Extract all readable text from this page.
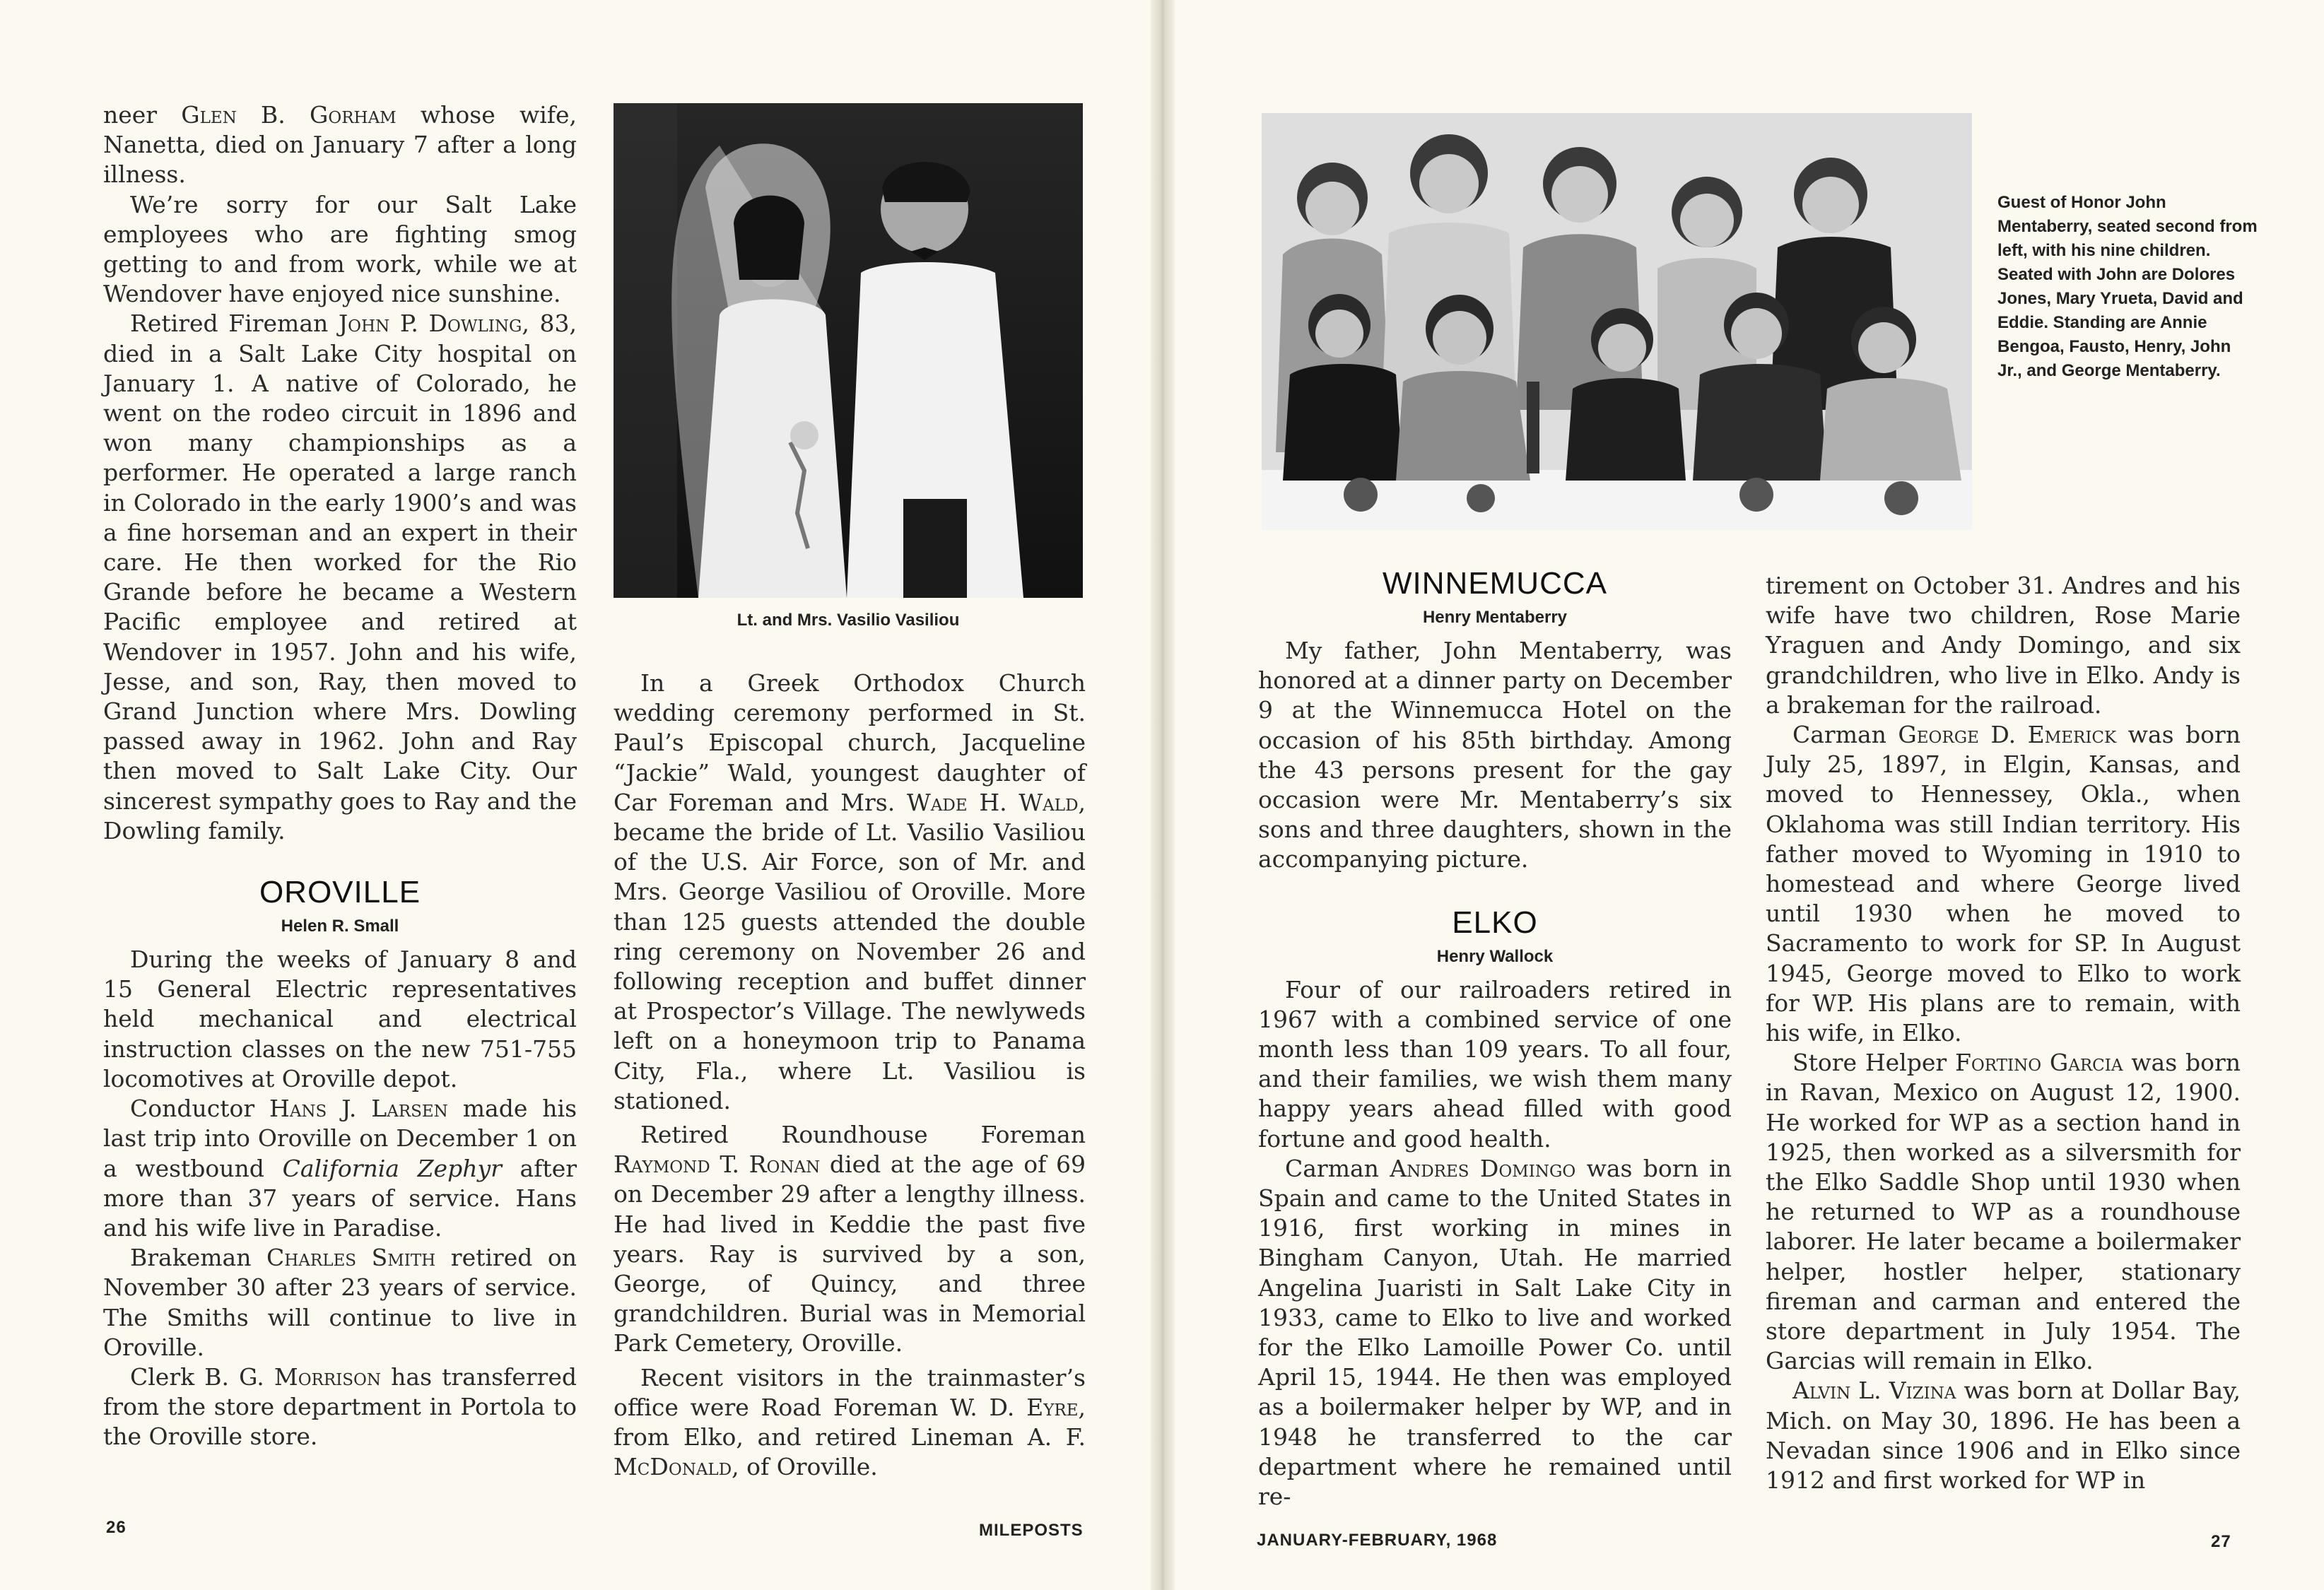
neer Glen B. Gorham whose wife, Nanetta, died on January 7 after a long illness.

We’re sorry for our Salt Lake employees who are fighting smog getting to and from work, while we at Wendover have enjoyed nice sunshine.

Retired Fireman John P. Dowling, 83, died in a Salt Lake City hospital on January 1. A native of Colorado, he went on the rodeo circuit in 1896 and won many championships as a performer. He operated a large ranch in Colorado in the early 1900’s and was a fine horseman and an expert in their care. He then worked for the Rio Grande before he became a Western Pacific employee and retired at Wendover in 1957. John and his wife, Jesse, and son, Ray, then moved to Grand Junction where Mrs. Dowling passed away in 1962. John and Ray then moved to Salt Lake City. Our sincerest sympathy goes to Ray and the Dowling family.

OROVILLE
Helen R. Small

During the weeks of January 8 and 15 General Electric representatives held mechanical and electrical instruction classes on the new 751-755 locomotives at Oroville depot.

Conductor Hans J. Larsen made his last trip into Oroville on December 1 on a westbound California Zephyr after more than 37 years of service. Hans and his wife live in Paradise.

Brakeman Charles Smith retired on November 30 after 23 years of service. The Smiths will continue to live in Oroville.

Clerk B. G. Morrison has transferred from the store department in Portola to the Oroville store.

Lt. and Mrs. Vasilio Vasiliou

In a Greek Orthodox Church wedding ceremony performed in St. Paul’s Episcopal church, Jacqueline “Jackie” Wald, youngest daughter of Car Foreman and Mrs. Wade H. Wald, became the bride of Lt. Vasilio Vasiliou of the U.S. Air Force, son of Mr. and Mrs. George Vasiliou of Oroville. More than 125 guests attended the double ring ceremony on November 26 and following reception and buffet dinner at Prospector’s Village. The newlyweds left on a honeymoon trip to Panama City, Fla., where Lt. Vasiliou is stationed.

Retired Roundhouse Foreman Raymond T. Ronan died at the age of 69 on December 29 after a lengthy illness. He had lived in Keddie the past five years. Ray is survived by a son, George, of Quincy, and three grandchildren. Burial was in Memorial Park Cemetery, Oroville.

Recent visitors in the trainmaster’s office were Road Foreman W. D. Eyre, from Elko, and retired Lineman A. F. McDonald, of Oroville.

26	MILEPOSTS
Guest of Honor John Mentaberry, seated second from left, with his nine children. Seated with John are Dolores Jones, Mary Yrueta, David and Eddie. Standing are Annie Bengoa, Fausto, Henry, John Jr., and George Mentaberry.
WINNEMUCCA
Henry Mentaberry

My father, John Mentaberry, was honored at a dinner party on December 9 at the Winnemucca Hotel on the occasion of his 85th birthday. Among the 43 persons present for the gay occasion were Mr. Mentaberry’s six sons and three daughters, shown in the accompanying picture.

ELKO
Henry Wallock

Four of our railroaders retired in 1967 with a combined service of one month less than 109 years. To all four, and their families, we wish them many happy years ahead filled with good fortune and good health.

Carman Andres Domingo was born in Spain and came to the United States in 1916, first working in mines in Bingham Canyon, Utah. He married Angelina Juaristi in Salt Lake City in 1933, came to Elko to live and worked for the Elko Lamoille Power Co. until April 15, 1944. He then was employed as a boilermaker helper by WP, and in 1948 he transferred to the car department where he remained until re-

tirement on October 31. Andres and his wife have two children, Rose Marie Yraguen and Andy Domingo, and six grandchildren, who live in Elko. Andy is a brakeman for the railroad.

Carman George D. Emerick was born July 25, 1897, in Elgin, Kansas, and moved to Hennessey, Okla., when Oklahoma was still Indian territory. His father moved to Wyoming in 1910 to homestead and where George lived until 1930 when he moved to Sacramento to work for SP. In August 1945, George moved to Elko to work for WP. His plans are to remain, with his wife, in Elko.

Store Helper Fortino Garcia was born in Ravan, Mexico on August 12, 1900. He worked for WP as a section hand in 1925, then worked as a silversmith for the Elko Saddle Shop until 1930 when he returned to WP as a roundhouse laborer. He later became a boilermaker helper, hostler helper, stationary fireman and carman and entered the store department in July 1954. The Garcias will remain in Elko.

Alvin L. Vizina was born at Dollar Bay, Mich. on May 30, 1896. He has been a Nevadan since 1906 and in Elko since 1912 and first worked for WP in

JANUARY-FEBRUARY, 1968	27
